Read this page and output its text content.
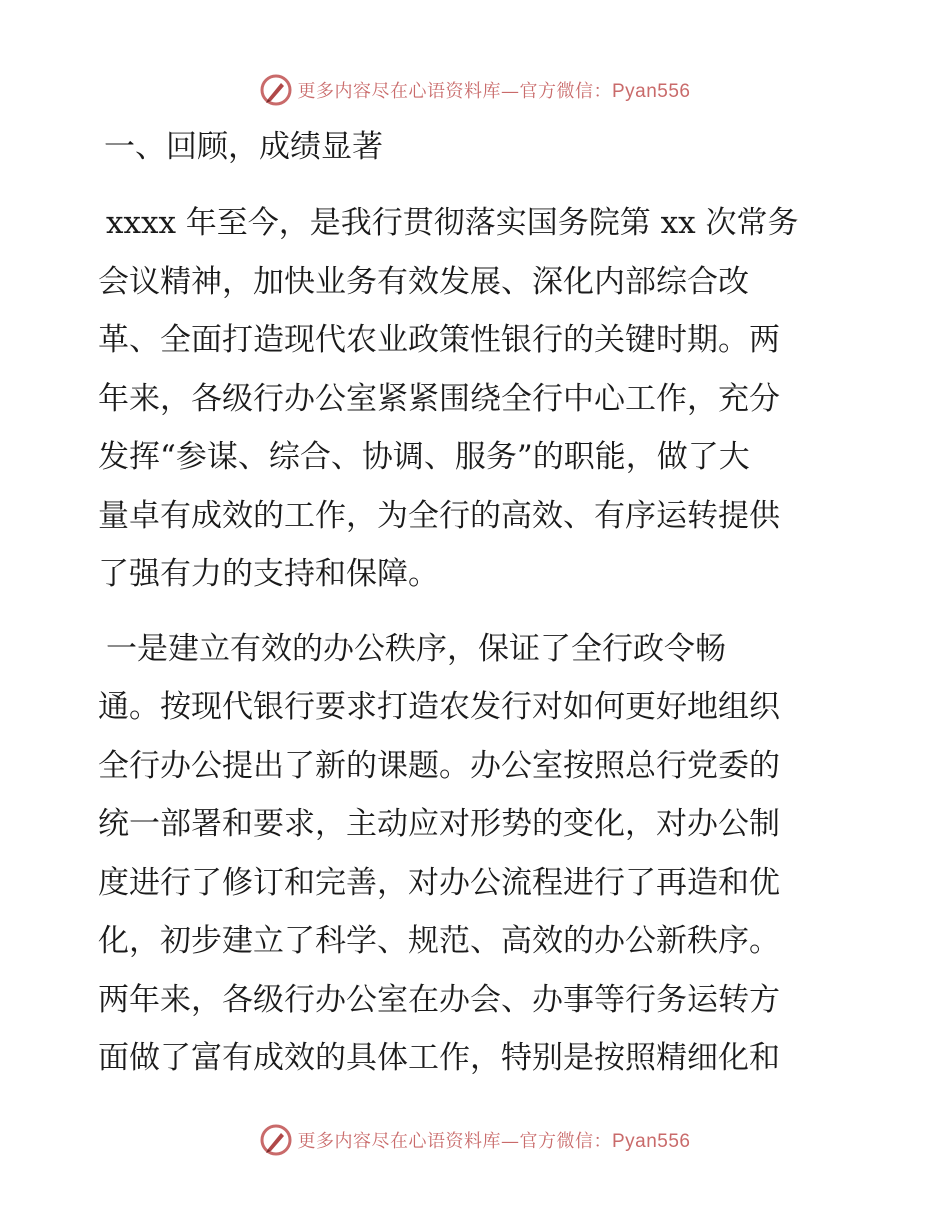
更多内容尽在心语资料库—官方微信：Pyan556
一、回顾，成绩显著

xxxx 年至今，是我行贯彻落实国务院第 xx 次常务

会议精神，加快业务有效发展、深化内部综合改

革、全面打造现代农业政策性银行的关键时期。两

年来，各级行办公室紧紧围绕全行中心工作，充分

发挥“参谋、综合、协调、服务”的职能，做了大

量卓有成效的工作，为全行的高效、有序运转提供

了强有力的支持和保障。

一是建立有效的办公秩序，保证了全行政令畅

通。按现代银行要求打造农发行对如何更好地组织

全行办公提出了新的课题。办公室按照总行党委的

统一部署和要求，主动应对形势的变化，对办公制

度进行了修订和完善，对办公流程进行了再造和优

化，初步建立了科学、规范、高效的办公新秩序。

两年来，各级行办公室在办会、办事等行务运转方

面做了富有成效的具体工作，特别是按照精细化和

更多内容尽在心语资料库—官方微信：Pyan556
